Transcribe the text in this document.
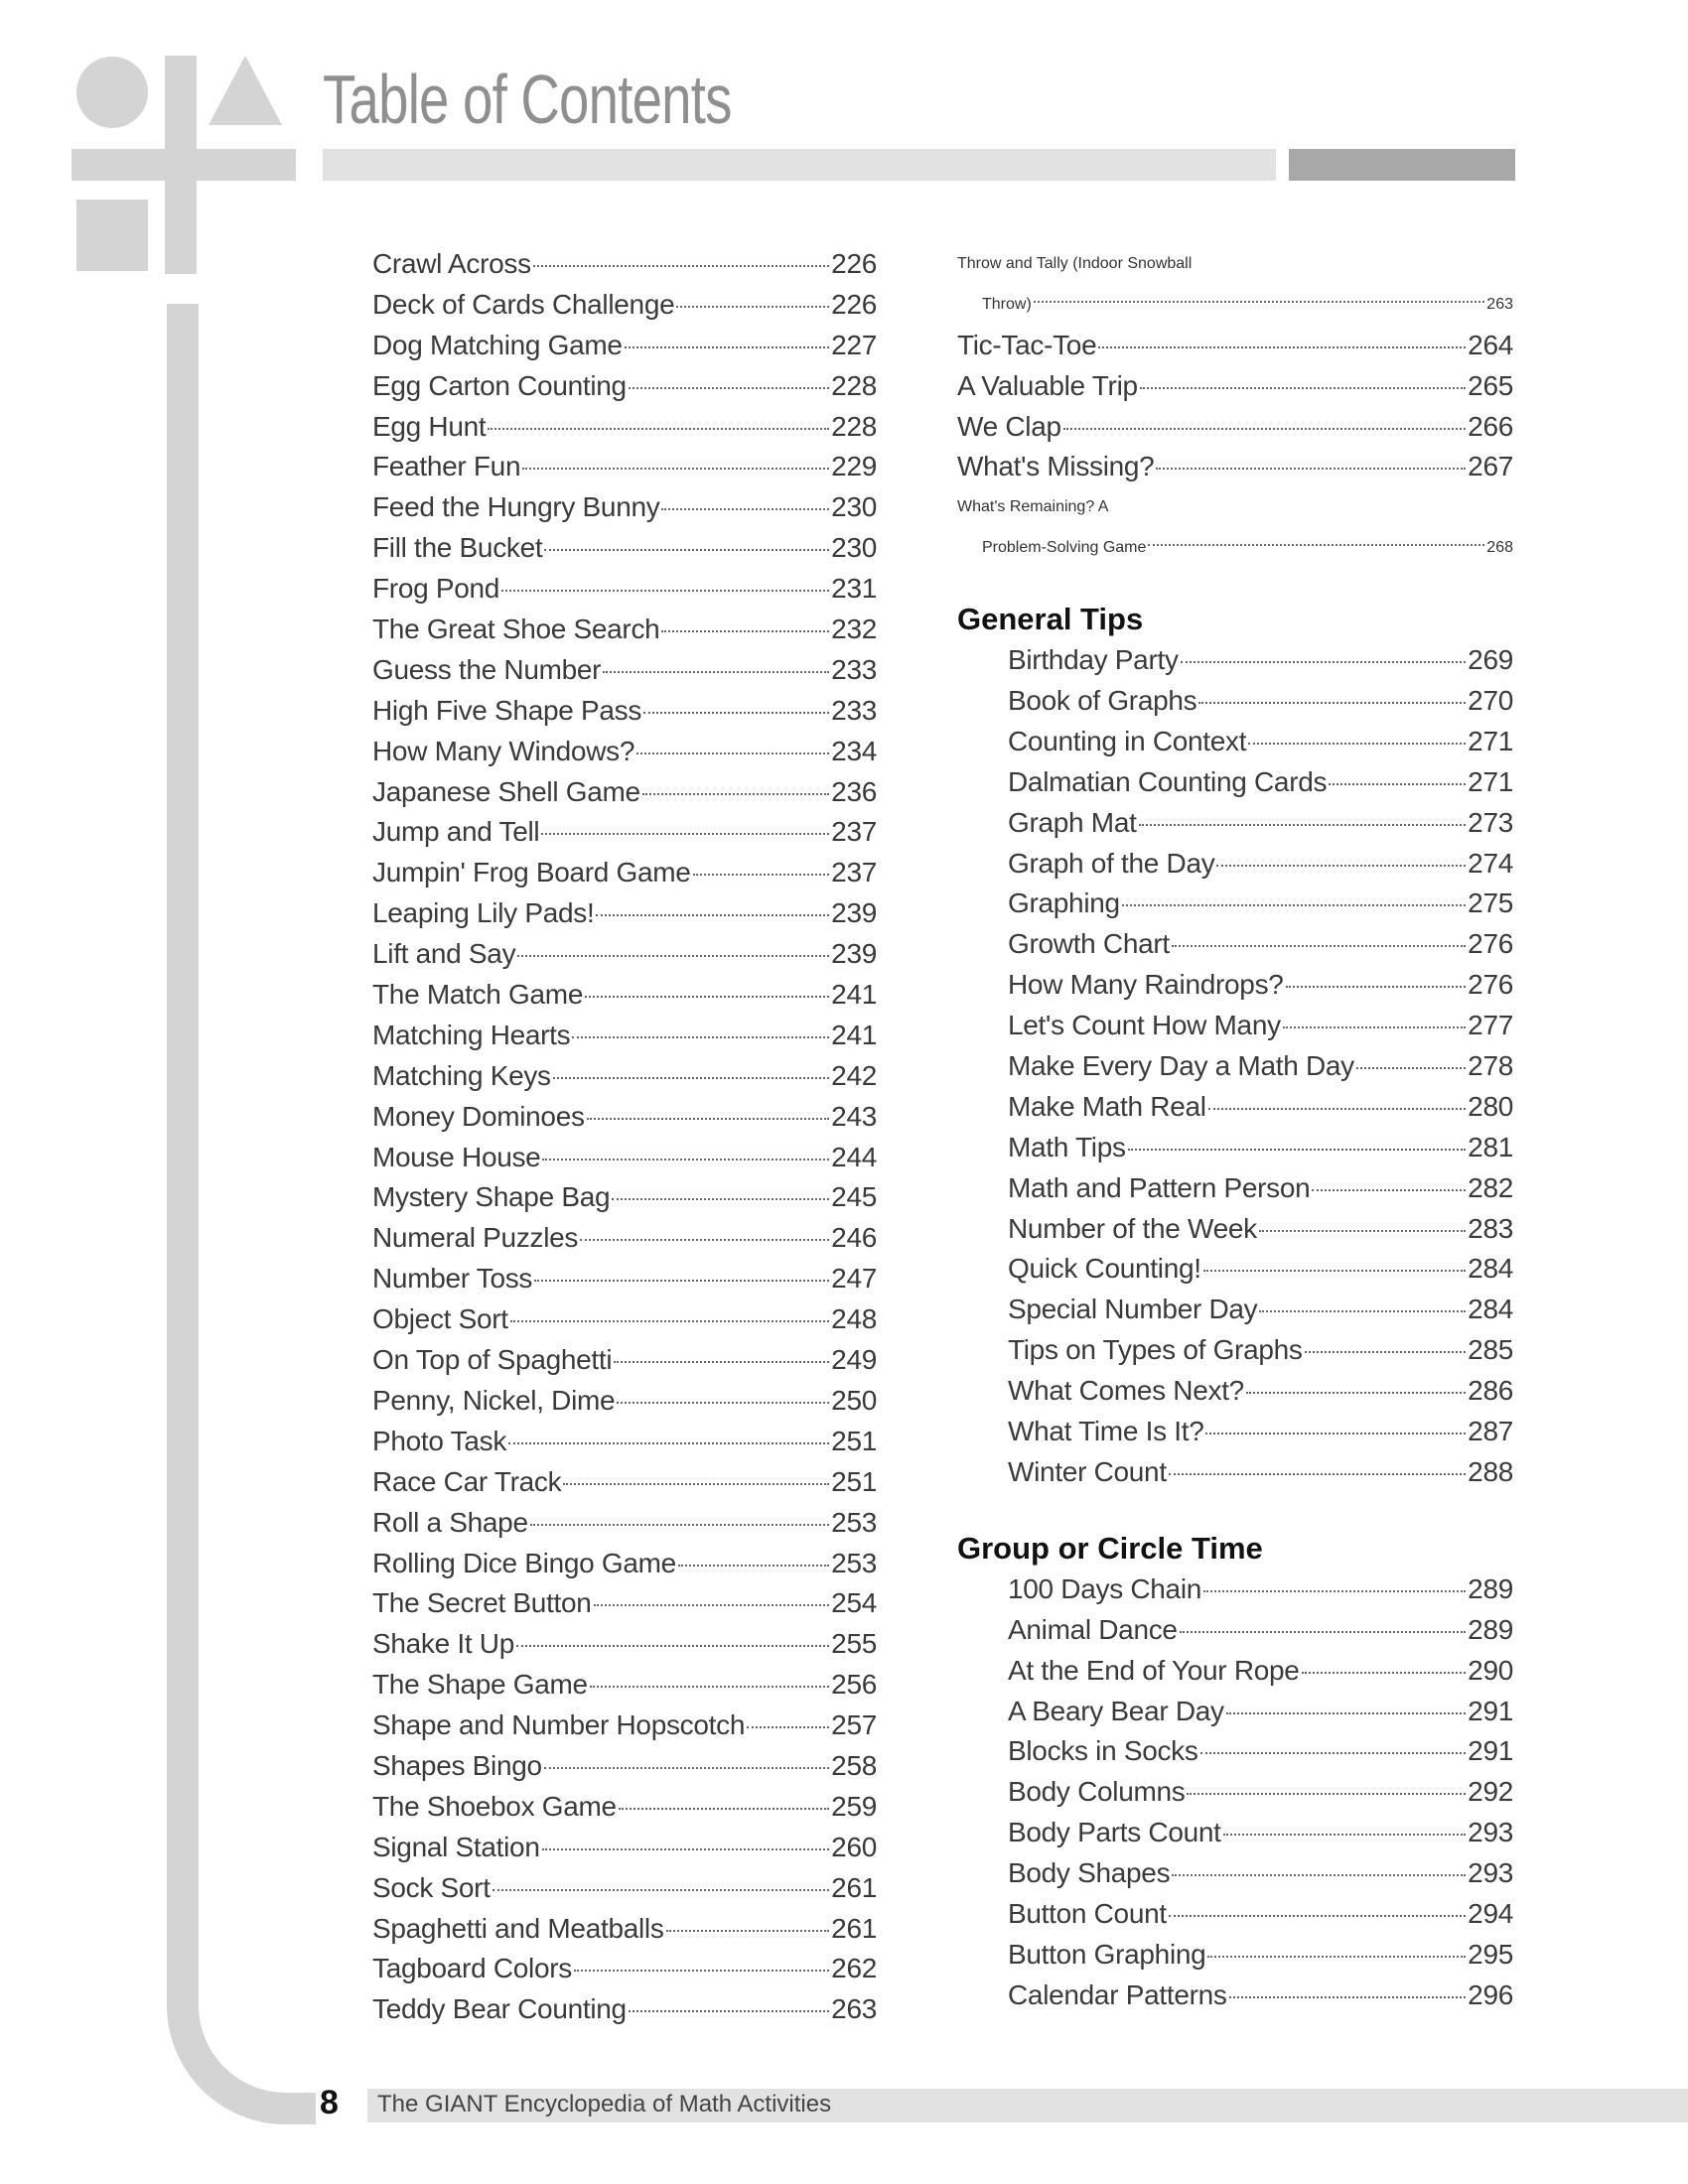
Table of Contents
Crawl Across	226
Deck of Cards Challenge	226
Dog Matching Game	227
Egg Carton Counting	228
Egg Hunt	228
Feather Fun	229
Feed the Hungry Bunny	230
Fill the Bucket	230
Frog Pond	231
The Great Shoe Search	232
Guess the Number	233
High Five Shape Pass	233
How Many Windows?	234
Japanese Shell Game	236
Jump and Tell	237
Jumpin' Frog Board Game	237
Leaping Lily Pads!	239
Lift and Say	239
The Match Game	241
Matching Hearts	241
Matching Keys	242
Money Dominoes	243
Mouse House	244
Mystery Shape Bag	245
Numeral Puzzles	246
Number Toss	247
Object Sort	248
On Top of Spaghetti	249
Penny, Nickel, Dime	250
Photo Task	251
Race Car Track	251
Roll a Shape	253
Rolling Dice Bingo Game	253
The Secret Button	254
Shake It Up	255
The Shape Game	256
Shape and Number Hopscotch	257
Shapes Bingo	258
The Shoebox Game	259
Signal Station	260
Sock Sort	261
Spaghetti and Meatballs	261
Tagboard Colors	262
Teddy Bear Counting	263
Throw and Tally (Indoor Snowball
Throw)	263
Tic-Tac-Toe	264
A Valuable Trip	265
We Clap	266
What's Missing?	267
What's Remaining? A
Problem-Solving Game	268
General Tips
Birthday Party	269
Book of Graphs	270
Counting in Context	271
Dalmatian Counting Cards	271
Graph Mat	273
Graph of the Day	274
Graphing	275
Growth Chart	276
How Many Raindrops?	276
Let's Count How Many	277
Make Every Day a Math Day	278
Make Math Real	280
Math Tips	281
Math and Pattern Person	282
Number of the Week	283
Quick Counting!	284
Special Number Day	284
Tips on Types of Graphs	285
What Comes Next?	286
What Time Is It?	287
Winter Count	288
Group or Circle Time
100 Days Chain	289
Animal Dance	289
At the End of Your Rope	290
A Beary Bear Day	291
Blocks in Socks	291
Body Columns	292
Body Parts Count	293
Body Shapes	293
Button Count	294
Button Graphing	295
Calendar Patterns	296
8 The GIANT Encyclopedia of Math Activities
